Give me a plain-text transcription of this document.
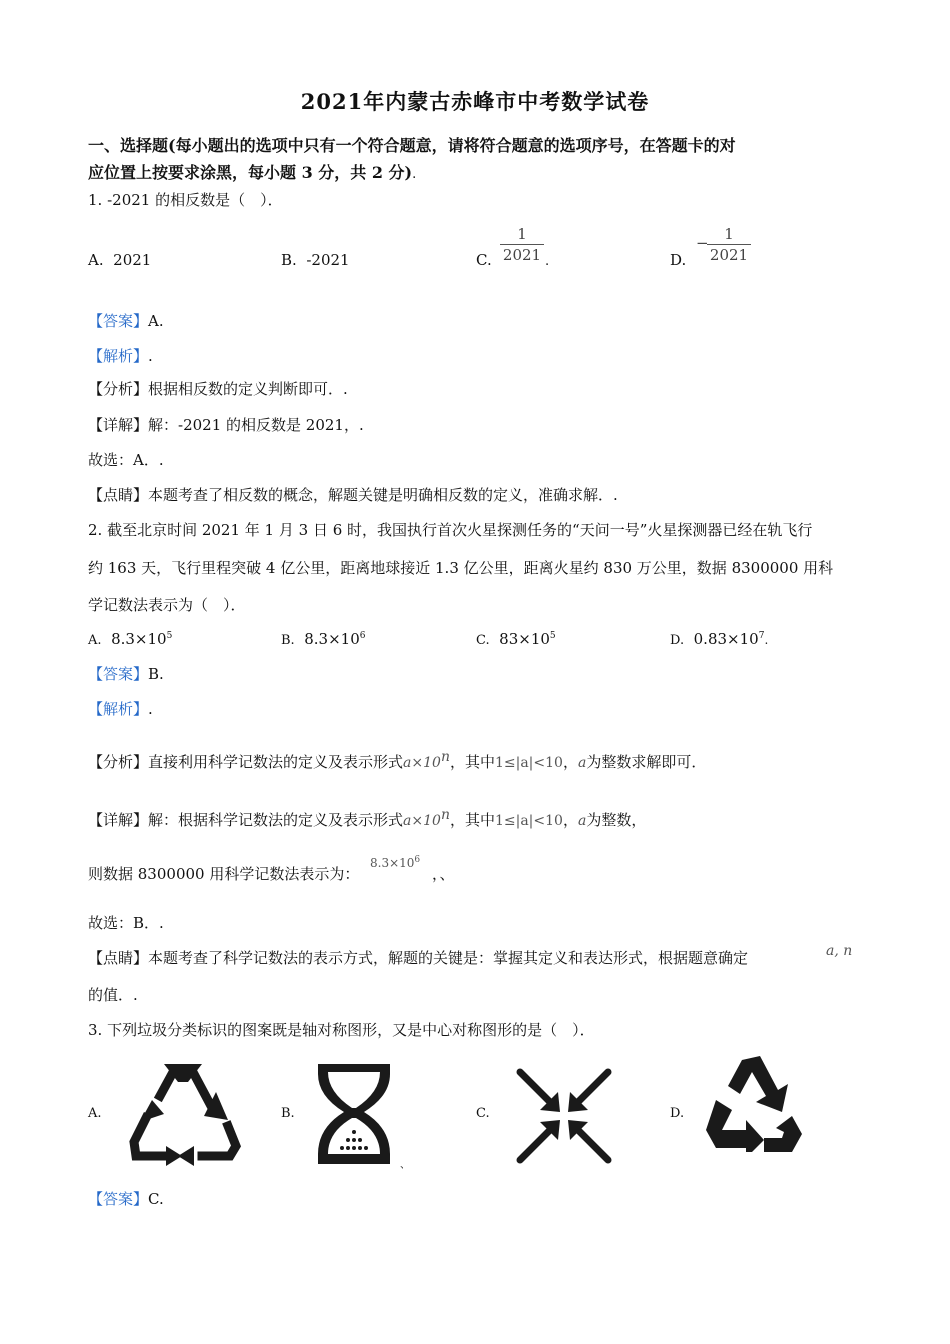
2021年内蒙古赤峰市中考数学试卷
一、选择题(每小题出的选项中只有一个符合题意，请将符合题意的选项序号，在答题卡的对
应位置上按要求涂黑，每小题 3 分，共 2 分).
1. -2021 的相反数是（　）．
A. 2021	B. -2021	C.
1
2021 .	D.
−	1
2021
【答案】A.
【解析】.
【分析】根据相反数的定义判断即可．.
【详解】解：-2021 的相反数是 2021，.
故选：A．.
【点睛】本题考查了相反数的概念，解题关键是明确相反数的定义，准确求解．.
2. 截至北京时间 2021 年 1 月 3 日 6 时，我国执行首次火星探测任务的“天问一号”火星探测器已经在轨飞行
约 163 天，飞行里程突破 4 亿公里，距离地球接近 1.3 亿公里，距离火星约 830 万公里，数据 8300000 用科
学记数法表示为（　）．
A. $8.3\times 10^5$	B. $8.3\times 10^6$	C. $83\times 10^5$	D. $0.83\times 10^7$.
【答案】B.
【解析】.
【分析】直接利用科学记数法的定义及表示形式$a\times 10^n$，其中1≤|a|<10，a为整数求解即可．
【详解】解：根据科学记数法的定义及表示形式$a\times 10^n$，其中1≤|a|<10，a为整数，
则数据 8300000 用科学记数法表示为：
$8.3\times 10^6$
，、
故选：B．.
【点睛】本题考查了科学记数法的表示方式，解题的关键是：掌握其定义和表达形式，根据题意确定	a, n
的值．.
3. 下列垃圾分类标识的图案既是轴对称图形，又是中心对称图形的是（　）．
A.	B.
、
C.	D.
【答案】C.
